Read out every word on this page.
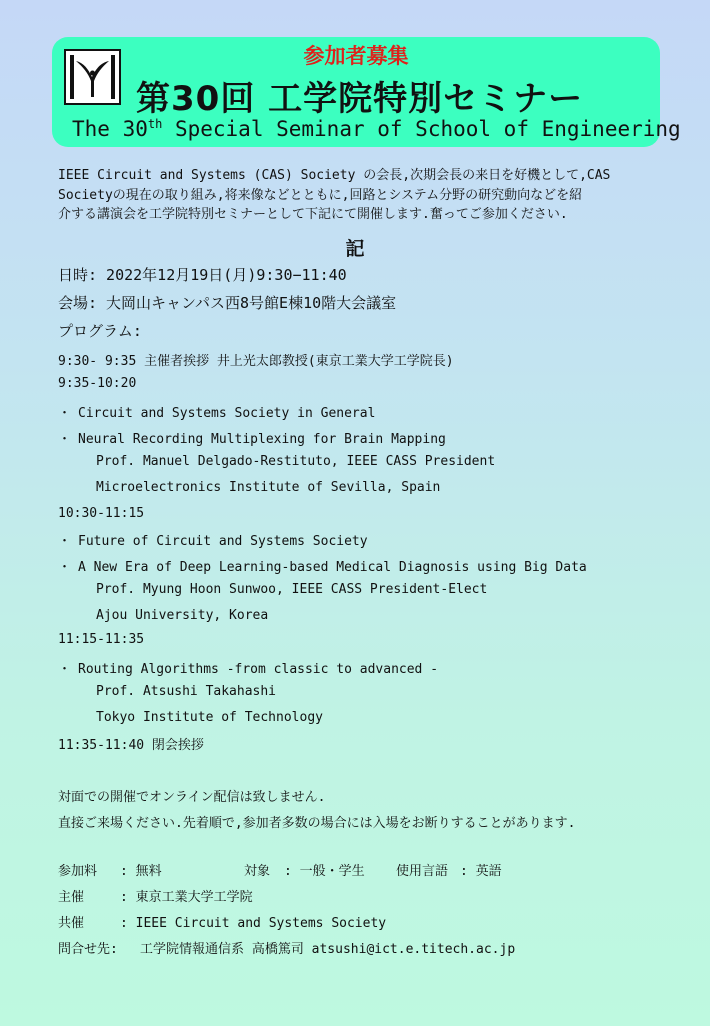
参加者募集
第30回 工学院特別セミナー
The 30th Special Seminar of School of Engineering
IEEE Circuit and Systems (CAS) Society の会長,次期会長の来日を好機として,CAS
Societyの現在の取り組み,将来像などとともに,回路とシステム分野の研究動向などを紹
介する講演会を工学院特別セミナーとして下記にて開催します.奮ってご参加ください.
記
日時: 2022年12月19日(月)9:30−11:40
会場: 大岡山キャンパス西8号館E棟10階大会議室
プログラム:
9:30- 9:35 主催者挨拶 井上光太郎教授(東京工業大学工学院長)
9:35-10:20
・ Circuit and Systems Society in General
・ Neural Recording Multiplexing for Brain Mapping
Prof. Manuel Delgado-Restituto, IEEE CASS President
Microelectronics Institute of Sevilla, Spain
10:30-11:15
・ Future of Circuit and Systems Society
・ A New Era of Deep Learning-based Medical Diagnosis using Big Data
Prof. Myung Hoon Sunwoo, IEEE CASS President-Elect
Ajou University, Korea
11:15-11:35
・ Routing Algorithms -from classic to advanced -
Prof. Atsushi Takahashi
Tokyo Institute of Technology
11:35-11:40 閉会挨拶
対面での開催でオンライン配信は致しません.
直接ご来場ください.先着順で,参加者多数の場合には入場をお断りすることがあります.
参加料 : 無料	対象 : 一般・学生 使用言語 : 英語
主催	: 東京工業大学工学院
共催	: IEEE Circuit and Systems Society
問合せ先: 工学院情報通信系 高橋篤司 atsushi@ict.e.titech.ac.jp
